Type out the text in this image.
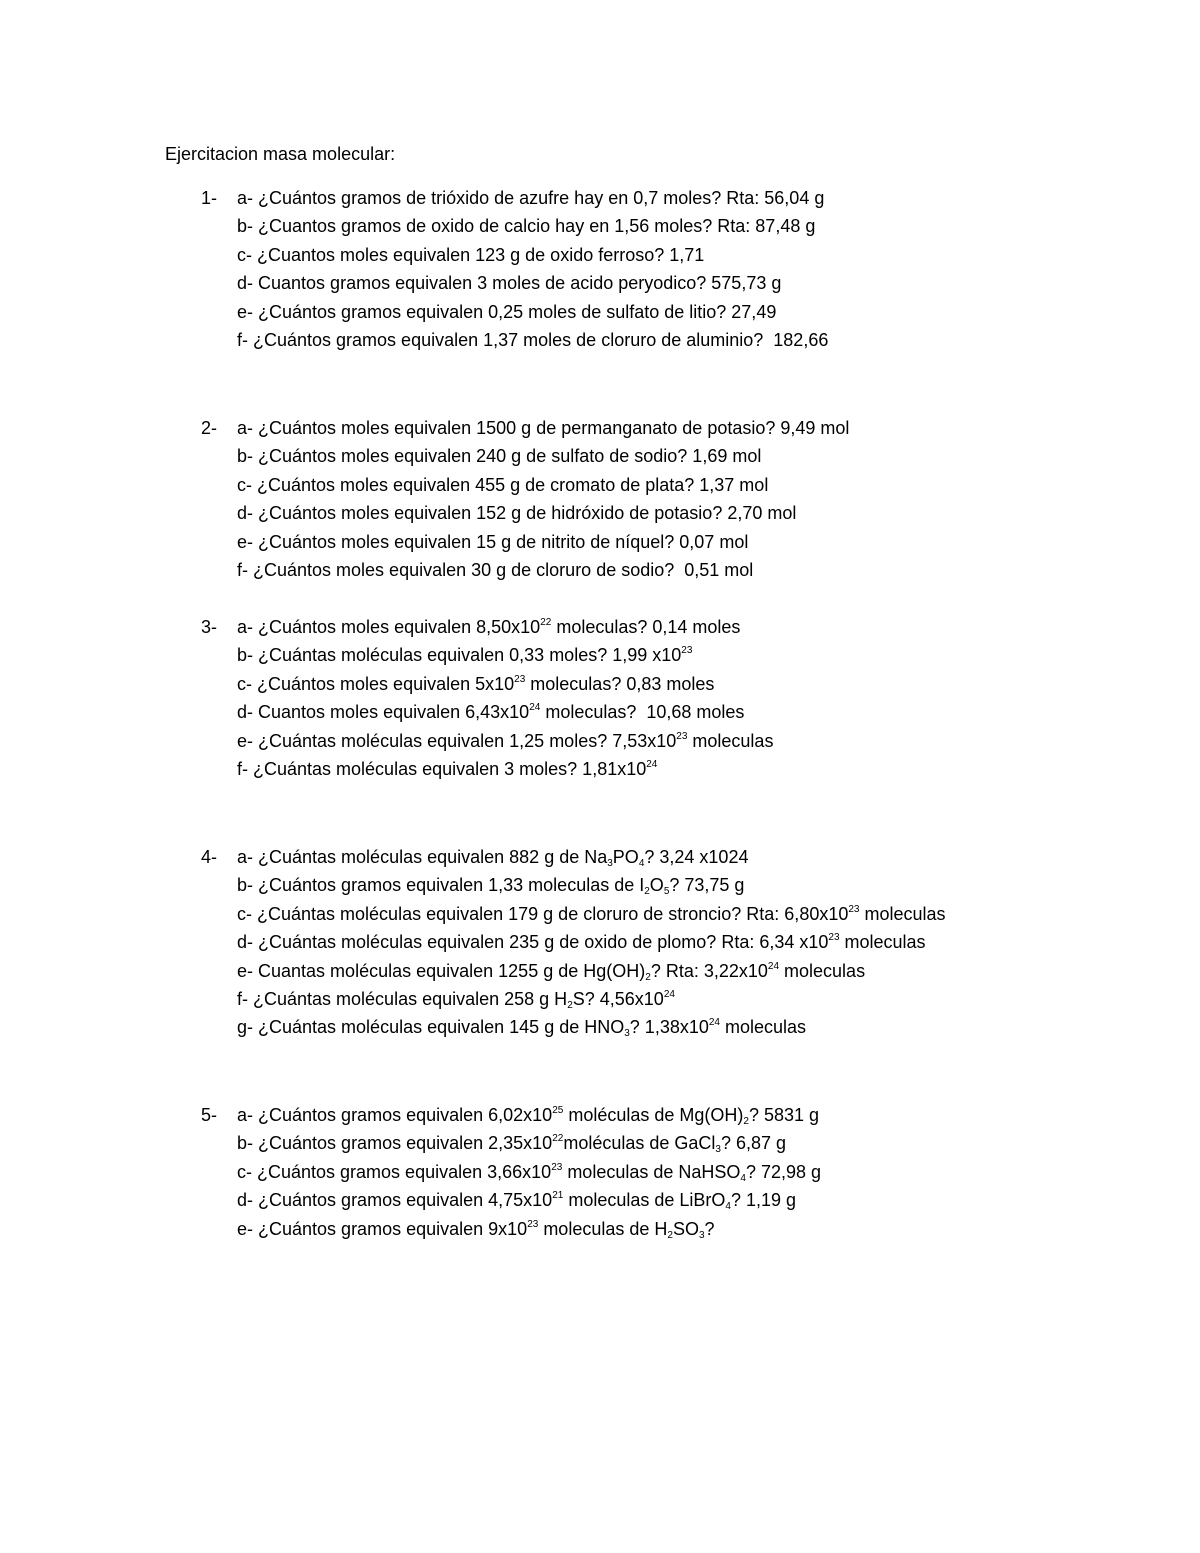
Ejercitacion masa molecular:
1- a- ¿Cuántos gramos de trióxido de azufre hay en 0,7 moles? Rta: 56,04 g
b- ¿Cuantos gramos de oxido de calcio hay en 1,56 moles? Rta: 87,48 g
c- ¿Cuantos moles equivalen 123 g de oxido ferroso? 1,71
d- Cuantos gramos equivalen 3 moles de acido peryodico? 575,73 g
e- ¿Cuántos gramos equivalen 0,25 moles de sulfato de litio? 27,49
f- ¿Cuántos gramos equivalen 1,37 moles de cloruro de aluminio?  182,66
2- a- ¿Cuántos moles equivalen 1500 g de permanganato de potasio? 9,49 mol
b- ¿Cuántos moles equivalen 240 g de sulfato de sodio? 1,69 mol
c- ¿Cuántos moles equivalen 455 g de cromato de plata? 1,37 mol
d- ¿Cuántos moles equivalen 152 g de hidróxido de potasio? 2,70 mol
e- ¿Cuántos moles equivalen 15 g de nitrito de níquel? 0,07 mol
f- ¿Cuántos moles equivalen 30 g de cloruro de sodio?  0,51 mol
3- a- ¿Cuántos moles equivalen $8,50x10^{22}$ moleculas? 0,14 moles
b- ¿Cuántas moléculas equivalen 0,33 moles? 1,99 $x10^{23}$
c- ¿Cuántos moles equivalen $5x10^{23}$ moleculas? 0,83 moles
d- Cuantos moles equivalen $6,43x10^{24}$ moleculas?  10,68 moles
e- ¿Cuántas moléculas equivalen 1,25 moles? $7,53x10^{23}$ moleculas
f- ¿Cuántas moléculas equivalen 3 moles? $1,81x10^{24}$
4- a- ¿Cuántas moléculas equivalen 882 g de $Na_3PO_4$? 3,24 x1024
b- ¿Cuántos gramos equivalen 1,33 moleculas de $I_2O_5$? 73,75 g
c- ¿Cuántas moléculas equivalen 179 g de cloruro de stroncio? Rta: $6,80x10^{23}$ moleculas
d- ¿Cuántas moléculas equivalen 235 g de oxido de plomo? Rta: 6,34 $x10^{23}$ moleculas
e- Cuantas moléculas equivalen 1255 g de $Hg(OH)_2$? Rta: $3,22x10^{24}$ moleculas
f- ¿Cuántas moléculas equivalen 258 g $H_2S$? $4,56x10^{24}$
g- ¿Cuántas moléculas equivalen 145 g de $HNO_3$? $1,38x10^{24}$ moleculas
5- a- ¿Cuántos gramos equivalen $6,02x10^{25}$ moléculas de $Mg(OH)_2$? 5831 g
b- ¿Cuántos gramos equivalen $2,35x10^{22}moléculas$ de GaCl$_3$? 6,87 g
c- ¿Cuántos gramos equivalen $3,66x10^{23}$ moleculas de NaHSO$_4$? 72,98 g
d- ¿Cuántos gramos equivalen $4,75x10^{21}$ moleculas de LiBrO$_4$? 1,19 g
e- ¿Cuántos gramos equivalen $9x10^{23}$ moleculas de $H_2SO_3$?
